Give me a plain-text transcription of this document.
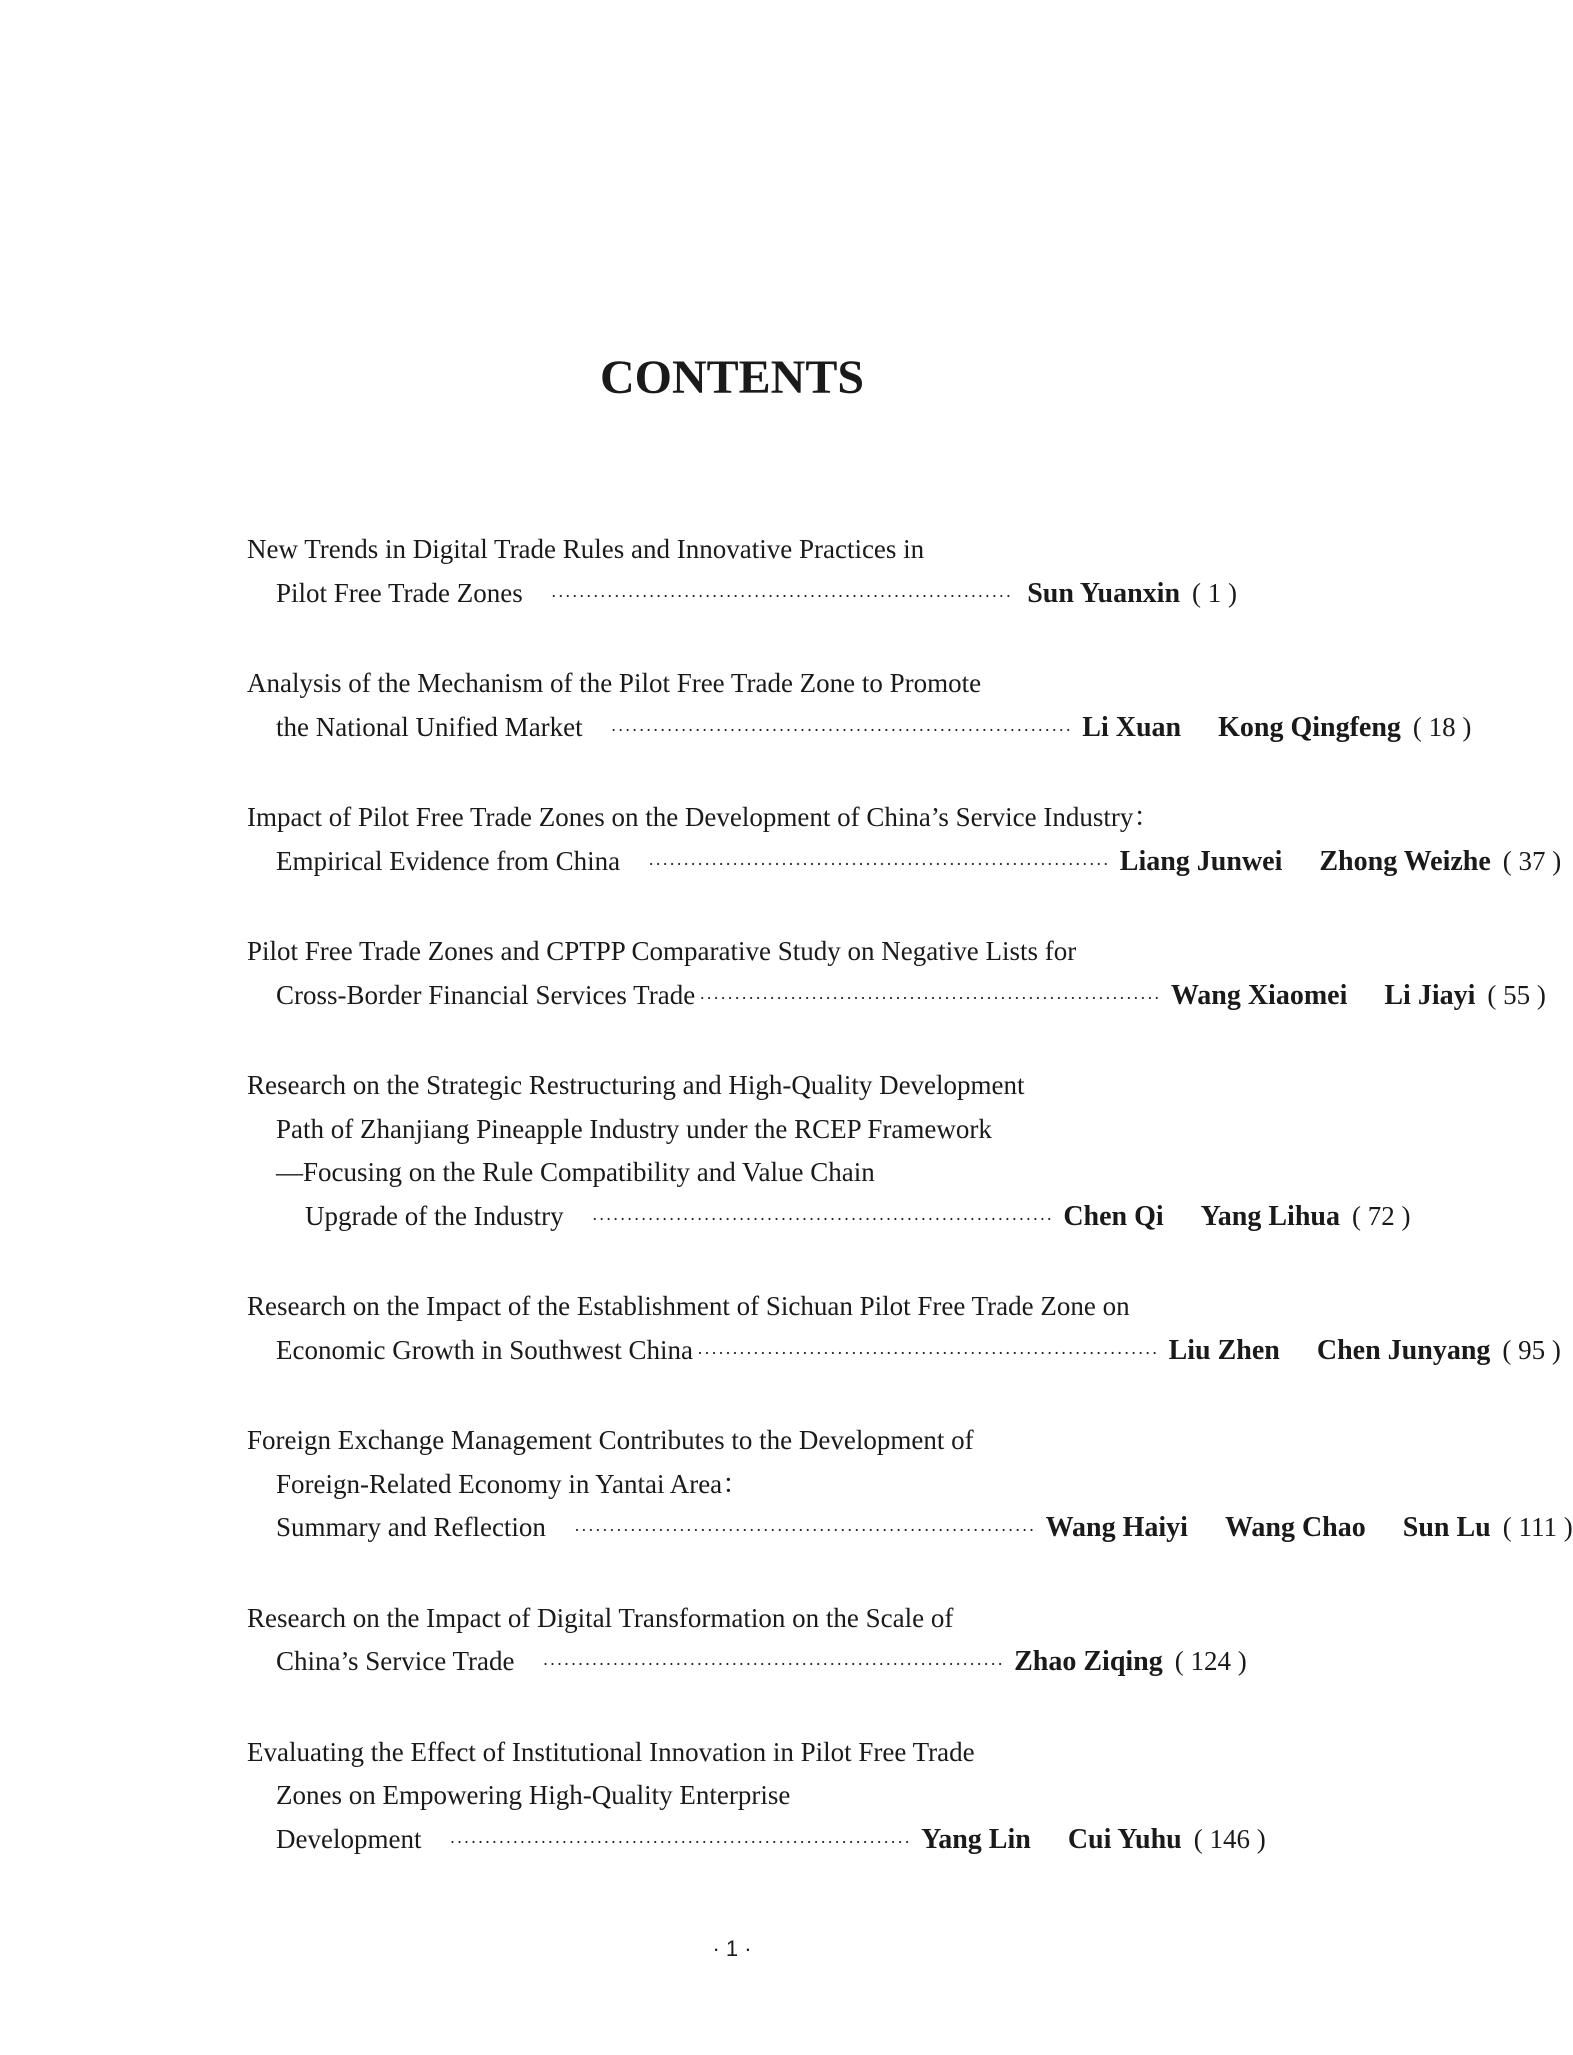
CONTENTS
New Trends in Digital Trade Rules and Innovative Practices in
Pilot Free Trade Zones ·································································· Sun Yuanxin ( 1 )
Analysis of the Mechanism of the Pilot Free Trade Zone to Promote
the National Unified Market ·································································· Li Xuan Kong Qingfeng ( 18 )
Impact of Pilot Free Trade Zones on the Development of China’s Service Industry：
Empirical Evidence from China ·································································· Liang Junwei Zhong Weizhe ( 37 )
Pilot Free Trade Zones and CPTPP Comparative Study on Negative Lists for
Cross-Border Financial Services Trade ·································································· Wang Xiaomei Li Jiayi ( 55 )
Research on the Strategic Restructuring and High-Quality Development
Path of Zhanjiang Pineapple Industry under the RCEP Framework
—Focusing on the Rule Compatibility and Value Chain
Upgrade of the Industry ·································································· Chen Qi Yang Lihua ( 72 )
Research on the Impact of the Establishment of Sichuan Pilot Free Trade Zone on
Economic Growth in Southwest China ·································································· Liu Zhen Chen Junyang ( 95 )
Foreign Exchange Management Contributes to the Development of
Foreign-Related Economy in Yantai Area：
Summary and Reflection ·································································· Wang Haiyi Wang Chao Sun Lu ( 111 )
Research on the Impact of Digital Transformation on the Scale of
China’s Service Trade ·································································· Zhao Ziqing ( 124 )
Evaluating the Effect of Institutional Innovation in Pilot Free Trade
Zones on Empowering High-Quality Enterprise
Development ·································································· Yang Lin Cui Yuhu ( 146 )
· 1 ·
